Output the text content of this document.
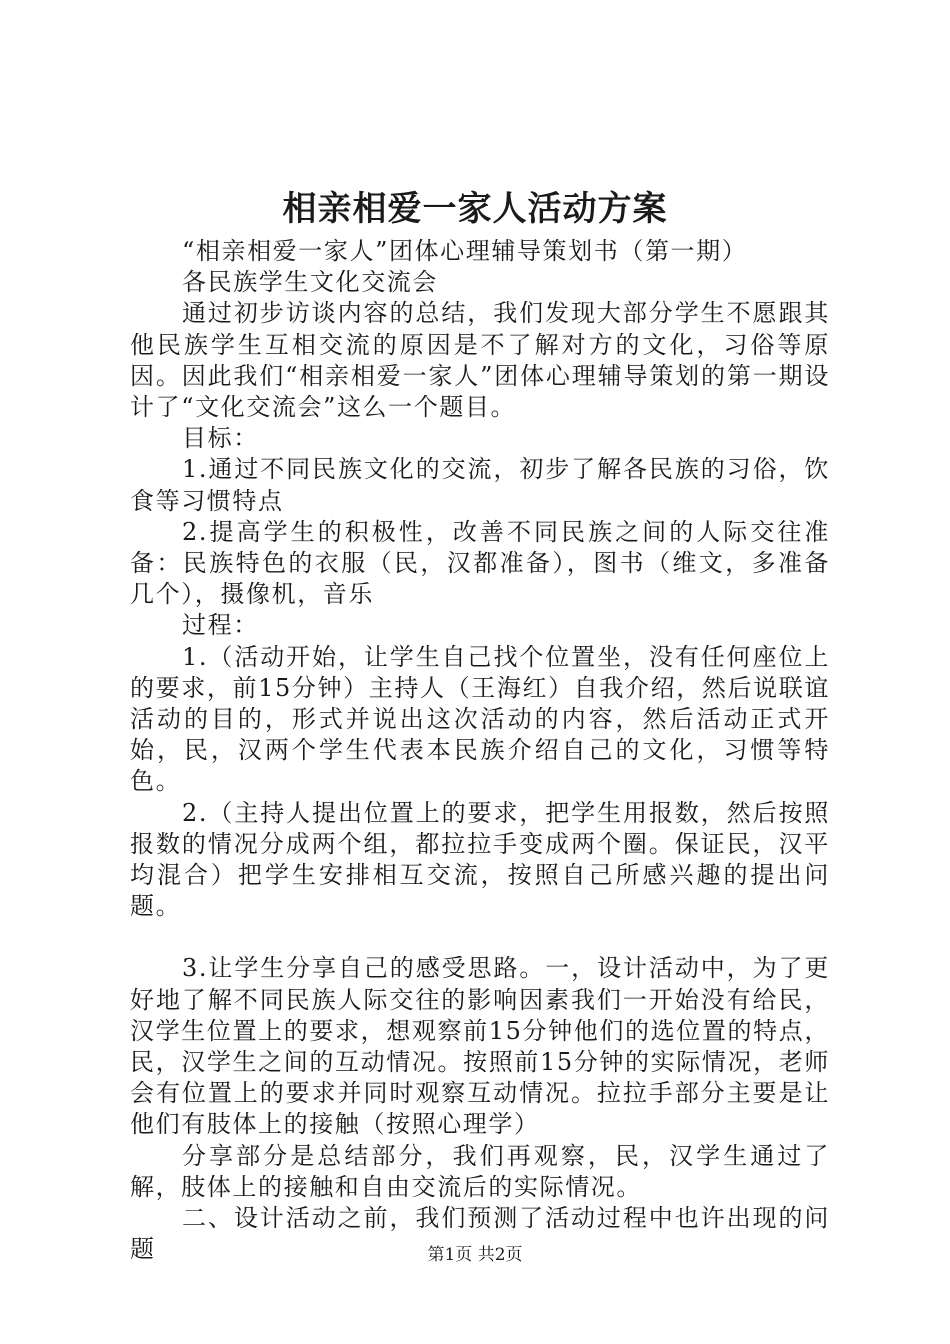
相亲相爱一家人活动方案

“相亲相爱一家人”团体心理辅导策划书（第一期）

各民族学生文化交流会

通过初步访谈内容的总结，我们发现大部分学生不愿跟其他民族学生互相交流的原因是不了解对方的文化，习俗等原因。因此我们“相亲相爱一家人”团体心理辅导策划的第一期设计了“文化交流会”这么一个题目。

目标：

1.通过不同民族文化的交流，初步了解各民族的习俗，饮食等习惯特点

2.提高学生的积极性，改善不同民族之间的人际交往准备：民族特色的衣服（民，汉都准备），图书（维文，多准备几个），摄像机，音乐

过程：

1.（活动开始，让学生自己找个位置坐，没有任何座位上的要求，前15分钟）主持人（王海红）自我介绍，然后说联谊活动的目的，形式并说出这次活动的内容，然后活动正式开始，民，汉两个学生代表本民族介绍自己的文化，习惯等特色。

2.（主持人提出位置上的要求，把学生用报数，然后按照报数的情况分成两个组，都拉拉手变成两个圈。保证民，汉平均混合）把学生安排相互交流，按照自己所感兴趣的提出问题。

3.让学生分享自己的感受思路。一，设计活动中，为了更好地了解不同民族人际交往的影响因素我们一开始没有给民，汉学生位置上的要求，想观察前15分钟他们的选位置的特点，民，汉学生之间的互动情况。按照前15分钟的实际情况，老师会有位置上的要求并同时观察互动情况。拉拉手部分主要是让他们有肢体上的接触（按照心理学）

分享部分是总结部分，我们再观察，民，汉学生通过了解，肢体上的接触和自由交流后的实际情况。

二、设计活动之前，我们预测了活动过程中也许出现的问题	第1页 共2页
